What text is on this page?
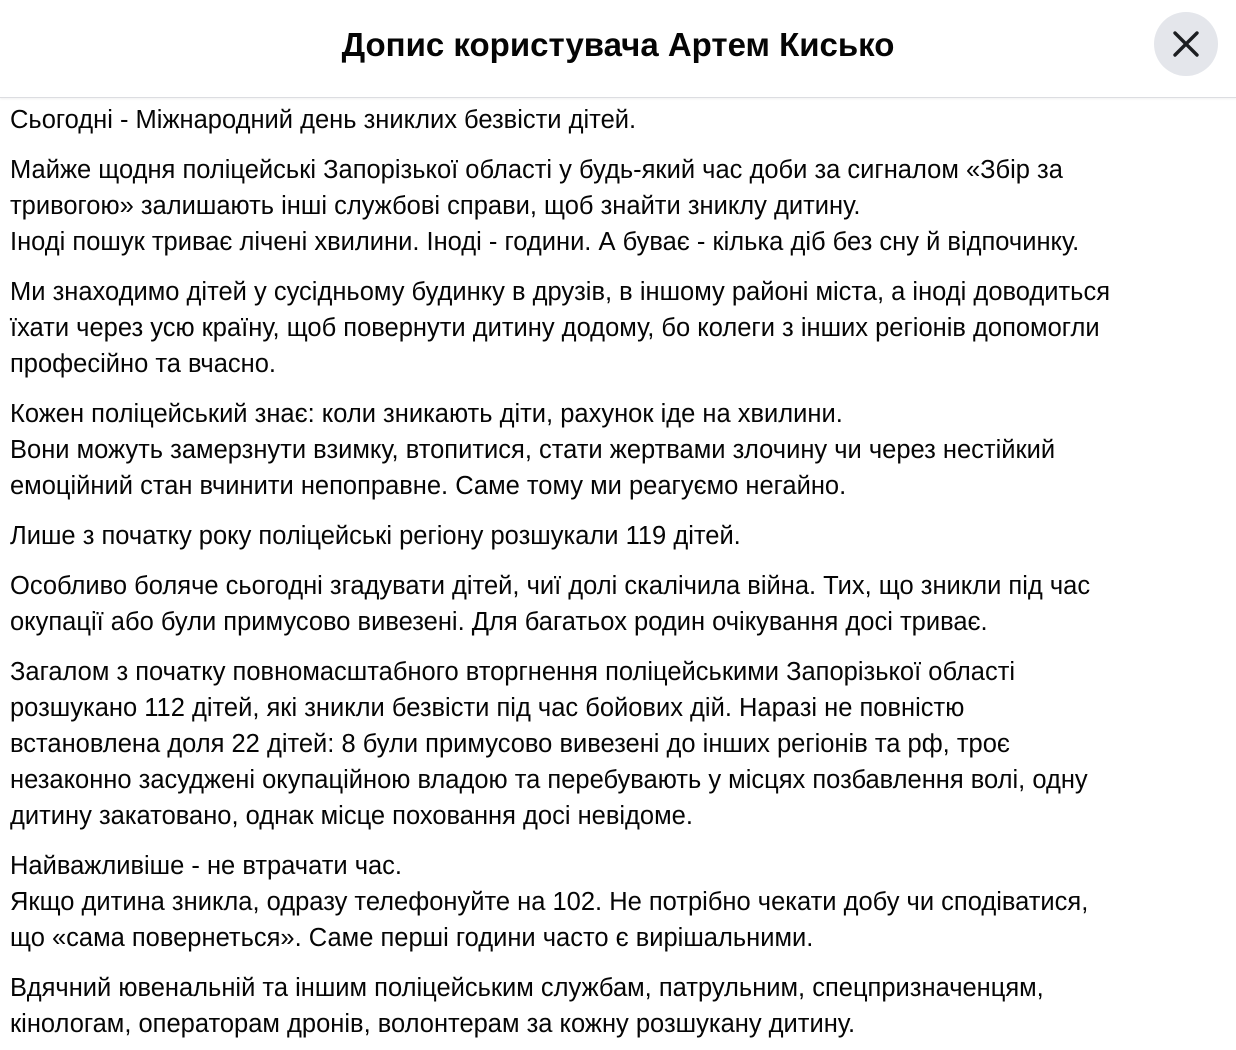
Допис користувача Артем Кисько

Сьогодні - Міжнародний день зниклих безвісти дітей.

Майже щодня поліцейські Запорізької області у будь-який час доби за сигналом «Збір за

тривогою» залишають інші службові справи, щоб знайти зниклу дитину.

Іноді пошук триває лічені хвилини. Іноді - години. А буває - кілька діб без сну й відпочинку.

Ми знаходимо дітей у сусідньому будинку в друзів, в іншому районі міста, а іноді доводиться

їхати через усю країну, щоб повернути дитину додому, бо колеги з інших регіонів допомогли

професійно та вчасно.

Кожен поліцейський знає: коли зникають діти, рахунок іде на хвилини.

Вони можуть замерзнути взимку, втопитися, стати жертвами злочину чи через нестійкий

емоційний стан вчинити непоправне. Саме тому ми реагуємо негайно.

Лише з початку року поліцейські регіону розшукали 119 дітей.

Особливо боляче сьогодні згадувати дітей, чиї долі скалічила війна. Тих, що зникли під час

окупації або були примусово вивезені. Для багатьох родин очікування досі триває.

Загалом з початку повномасштабного вторгнення поліцейськими Запорізької області

розшукано 112 дітей, які зникли безвісти під час бойових дій. Наразі не повністю

встановлена доля 22 дітей: 8 були примусово вивезені до інших регіонів та рф, троє

незаконно засуджені окупаційною владою та перебувають у місцях позбавлення волі, одну

дитину закатовано, однак місце поховання досі невідоме.

Найважливіше - не втрачати час.

Якщо дитина зникла, одразу телефонуйте на 102. Не потрібно чекати добу чи сподіватися,

що «сама повернеться». Саме перші години часто є вирішальними.

Вдячний ювенальній та іншим поліцейським службам, патрульним, спецпризначенцям,

кінологам, операторам дронів, волонтерам за кожну розшукану дитину.
